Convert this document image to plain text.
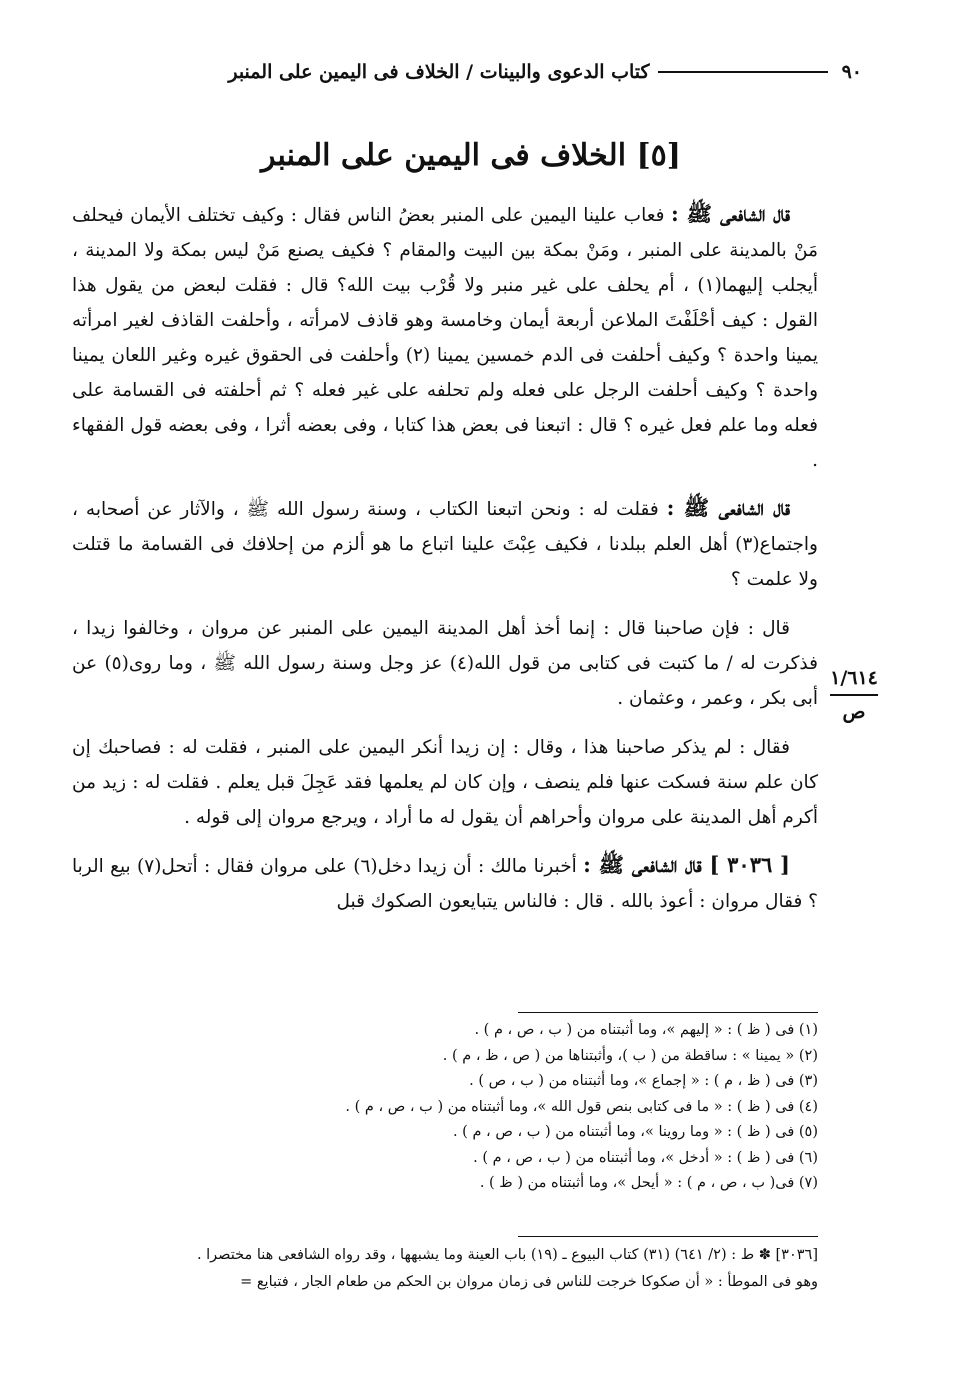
٩٠
كتاب الدعوى والبينات / الخلاف فى اليمين على المنبر
[٥] الخلاف فى اليمين على المنبر

قال الشافعى ﷺ : فعاب علينا اليمين على المنبر بعضُ الناس فقال : وكيف تختلف الأيمان فيحلف مَنْ بالمدينة على المنبر ، ومَنْ بمكة بين البيت والمقام ؟ فكيف يصنع مَنْ ليس بمكة ولا المدينة ، أيجلب إليهما(١) ، أم يحلف على غير منبر ولا قُرْب بيت الله؟ قال : فقلت لبعض من يقول هذا القول : كيف أحْلَفْتَ الملاعن أربعة أيمان وخامسة وهو قاذف لامرأته ، وأحلفت القاذف لغير امرأته يمينا واحدة ؟ وكيف أحلفت فى الدم خمسين يمينا (٢) وأحلفت فى الحقوق غيره وغير اللعان يمينا واحدة ؟ وكيف أحلفت الرجل على فعله ولم تحلفه على غير فعله ؟ ثم أحلفته فى القسامة على فعله وما علم فعل غيره ؟ قال : اتبعنا فى بعض هذا كتابا ، وفى بعضه أثرا ، وفى بعضه قول الفقهاء .

قال الشافعى ﷺ : فقلت له : ونحن اتبعنا الكتاب ، وسنة رسول الله ﷺ ، والآثار عن أصحابه ، واجتماع(٣) أهل العلم ببلدنا ، فكيف عِبْتَ علينا اتباع ما هو ألزم من إحلافك فى القسامة ما قتلت ولا علمت ؟

قال : فإن صاحبنا قال : إنما أخذ أهل المدينة اليمين على المنبر عن مروان ، وخالفوا زيدا ، فذكرت له / ما كتبت فى كتابى من قول الله(٤) عز وجل وسنة رسول الله ﷺ ، وما روى(٥) عن أبى بكر ، وعمر ، وعثمان .

فقال : لم يذكر صاحبنا هذا ، وقال : إن زيدا أنكر اليمين على المنبر ، فقلت له : فصاحبك إن كان علم سنة فسكت عنها فلم ينصف ، وإن كان لم يعلمها فقد عَجِلَ قبل يعلم . فقلت له : زيد من أكرم أهل المدينة على مروان وأحراهم أن يقول له ما أراد ، ويرجع مروان إلى قوله .

[ ٣٠٣٦ ] قال الشافعى ﷺ : أخبرنا مالك : أن زيدا دخل(٦) على مروان فقال : أتحل(٧) بيع الربا ؟ فقال مروان : أعوذ بالله . قال : فالناس يتبايعون الصكوك قبل

١/٦١٤
ص
(١) فى ( ظ ) : « إليهم »، وما أثبتناه من ( ب ، ص ، م ) .
(٢) « يمينا » : ساقطة من ( ب )، وأثبتناها من ( ص ، ظ ، م ) .
(٣) فى ( ظ ، م ) : « إجماع »، وما أثبتناه من ( ب ، ص ) .
(٤) فى ( ظ ) : « ما فى كتابى بنص قول الله »، وما أثبتناه من ( ب ، ص ، م ) .
(٥) فى ( ظ ) : « وما روينا »، وما أثبتناه من ( ب ، ص ، م ) .
(٦) فى ( ظ ) : « أدخل »، وما أثبتناه من ( ب ، ص ، م ) .
(٧) فى( ب ، ص ، م ) : « أيحل »، وما أثبتناه من ( ظ ) .
[٣٠٣٦] ✽ ط : (٢/ ٦٤١) (٣١) كتاب البيوع ـ (١٩) باب العينة وما يشبهها ، وقد رواه الشافعى هنا مختصرا .
وهو فى الموطأ : « أن صكوكا خرجت للناس فى زمان مروان بن الحكم من طعام الجار ، فتبايع =
